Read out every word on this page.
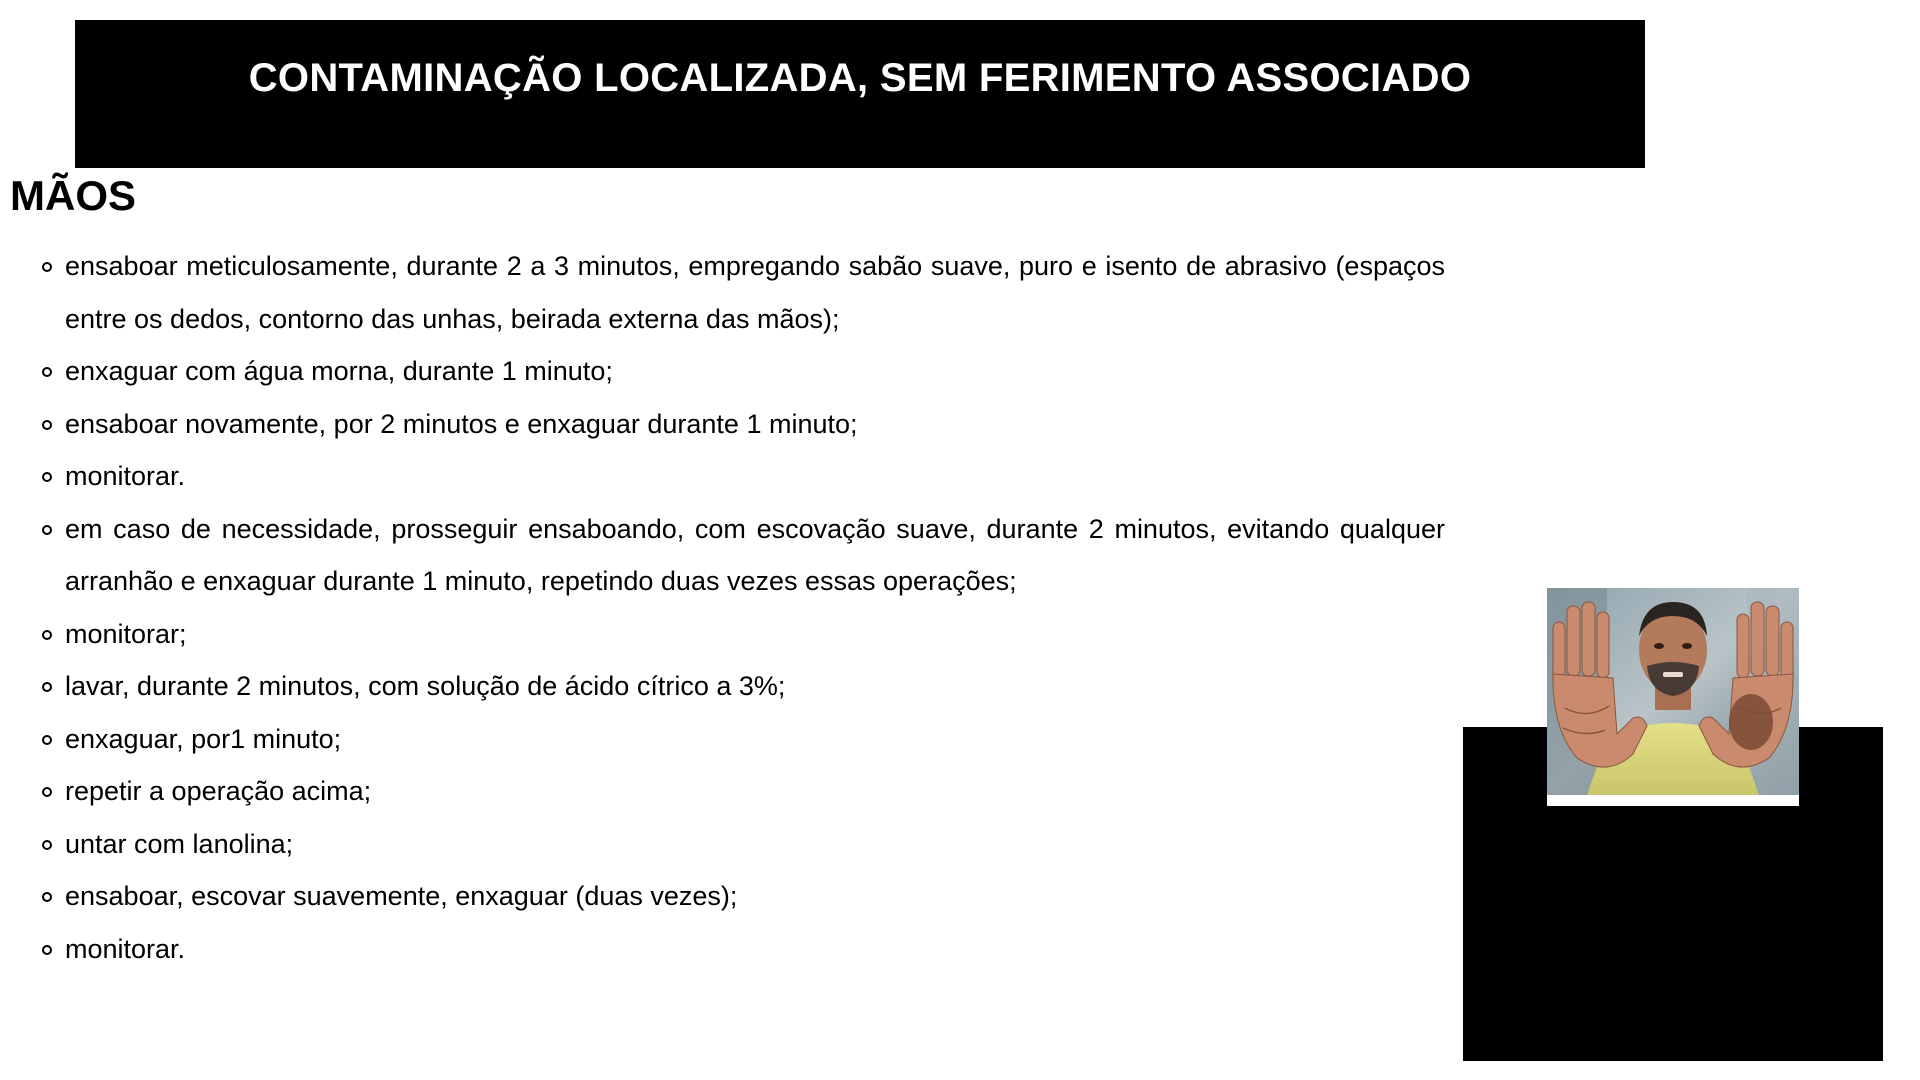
CONTAMINAÇÃO LOCALIZADA, SEM FERIMENTO ASSOCIADO
MÃOS
ensaboar meticulosamente, durante 2 a 3 minutos, empregando sabão suave, puro e isento de abrasivo (espaços entre os dedos, contorno das unhas, beirada externa das mãos);
enxaguar com água morna, durante 1 minuto;
ensaboar novamente, por 2 minutos e enxaguar durante 1 minuto;
monitorar.
em caso de necessidade, prosseguir ensaboando, com escovação suave, durante 2 minutos, evitando qualquer arranhão e enxaguar durante 1 minuto, repetindo duas vezes essas operações;
monitorar;
lavar, durante 2 minutos, com solução de ácido cítrico a 3%;
enxaguar, por1 minuto;
repetir a operação acima;
untar com lanolina;
ensaboar, escovar suavemente, enxaguar (duas vezes);
monitorar.
